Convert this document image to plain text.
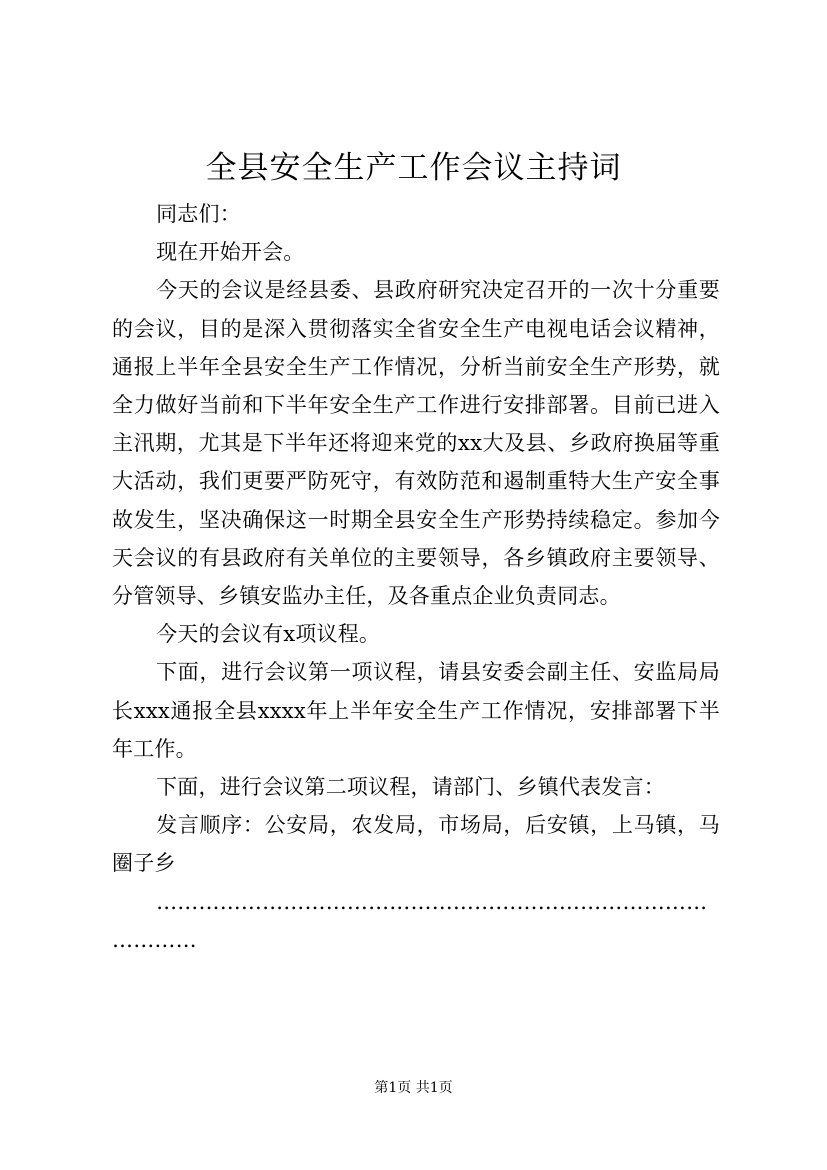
全县安全生产工作会议主持词

同志们：

现在开始开会。

今天的会议是经县委、县政府研究决定召开的一次十分重要的会议，目的是深入贯彻落实全省安全生产电视电话会议精神，通报上半年全县安全生产工作情况，分析当前安全生产形势，就全力做好当前和下半年安全生产工作进行安排部署。目前已进入主汛期，尤其是下半年还将迎来党的xx大及县、乡政府换届等重大活动，我们更要严防死守，有效防范和遏制重特大生产安全事故发生，坚决确保这一时期全县安全生产形势持续稳定。参加今天会议的有县政府有关单位的主要领导，各乡镇政府主要领导、分管领导、乡镇安监办主任，及各重点企业负责同志。

今天的会议有x项议程。

下面，进行会议第一项议程，请县安委会副主任、安监局局长xxx通报全县xxxx年上半年安全生产工作情况，安排部署下半年工作。

下面，进行会议第二项议程，请部门、乡镇代表发言：

发言顺序：公安局，农发局，市场局，后安镇，上马镇，马圈子乡

………………………………………………………………………………

第1页 共1页
